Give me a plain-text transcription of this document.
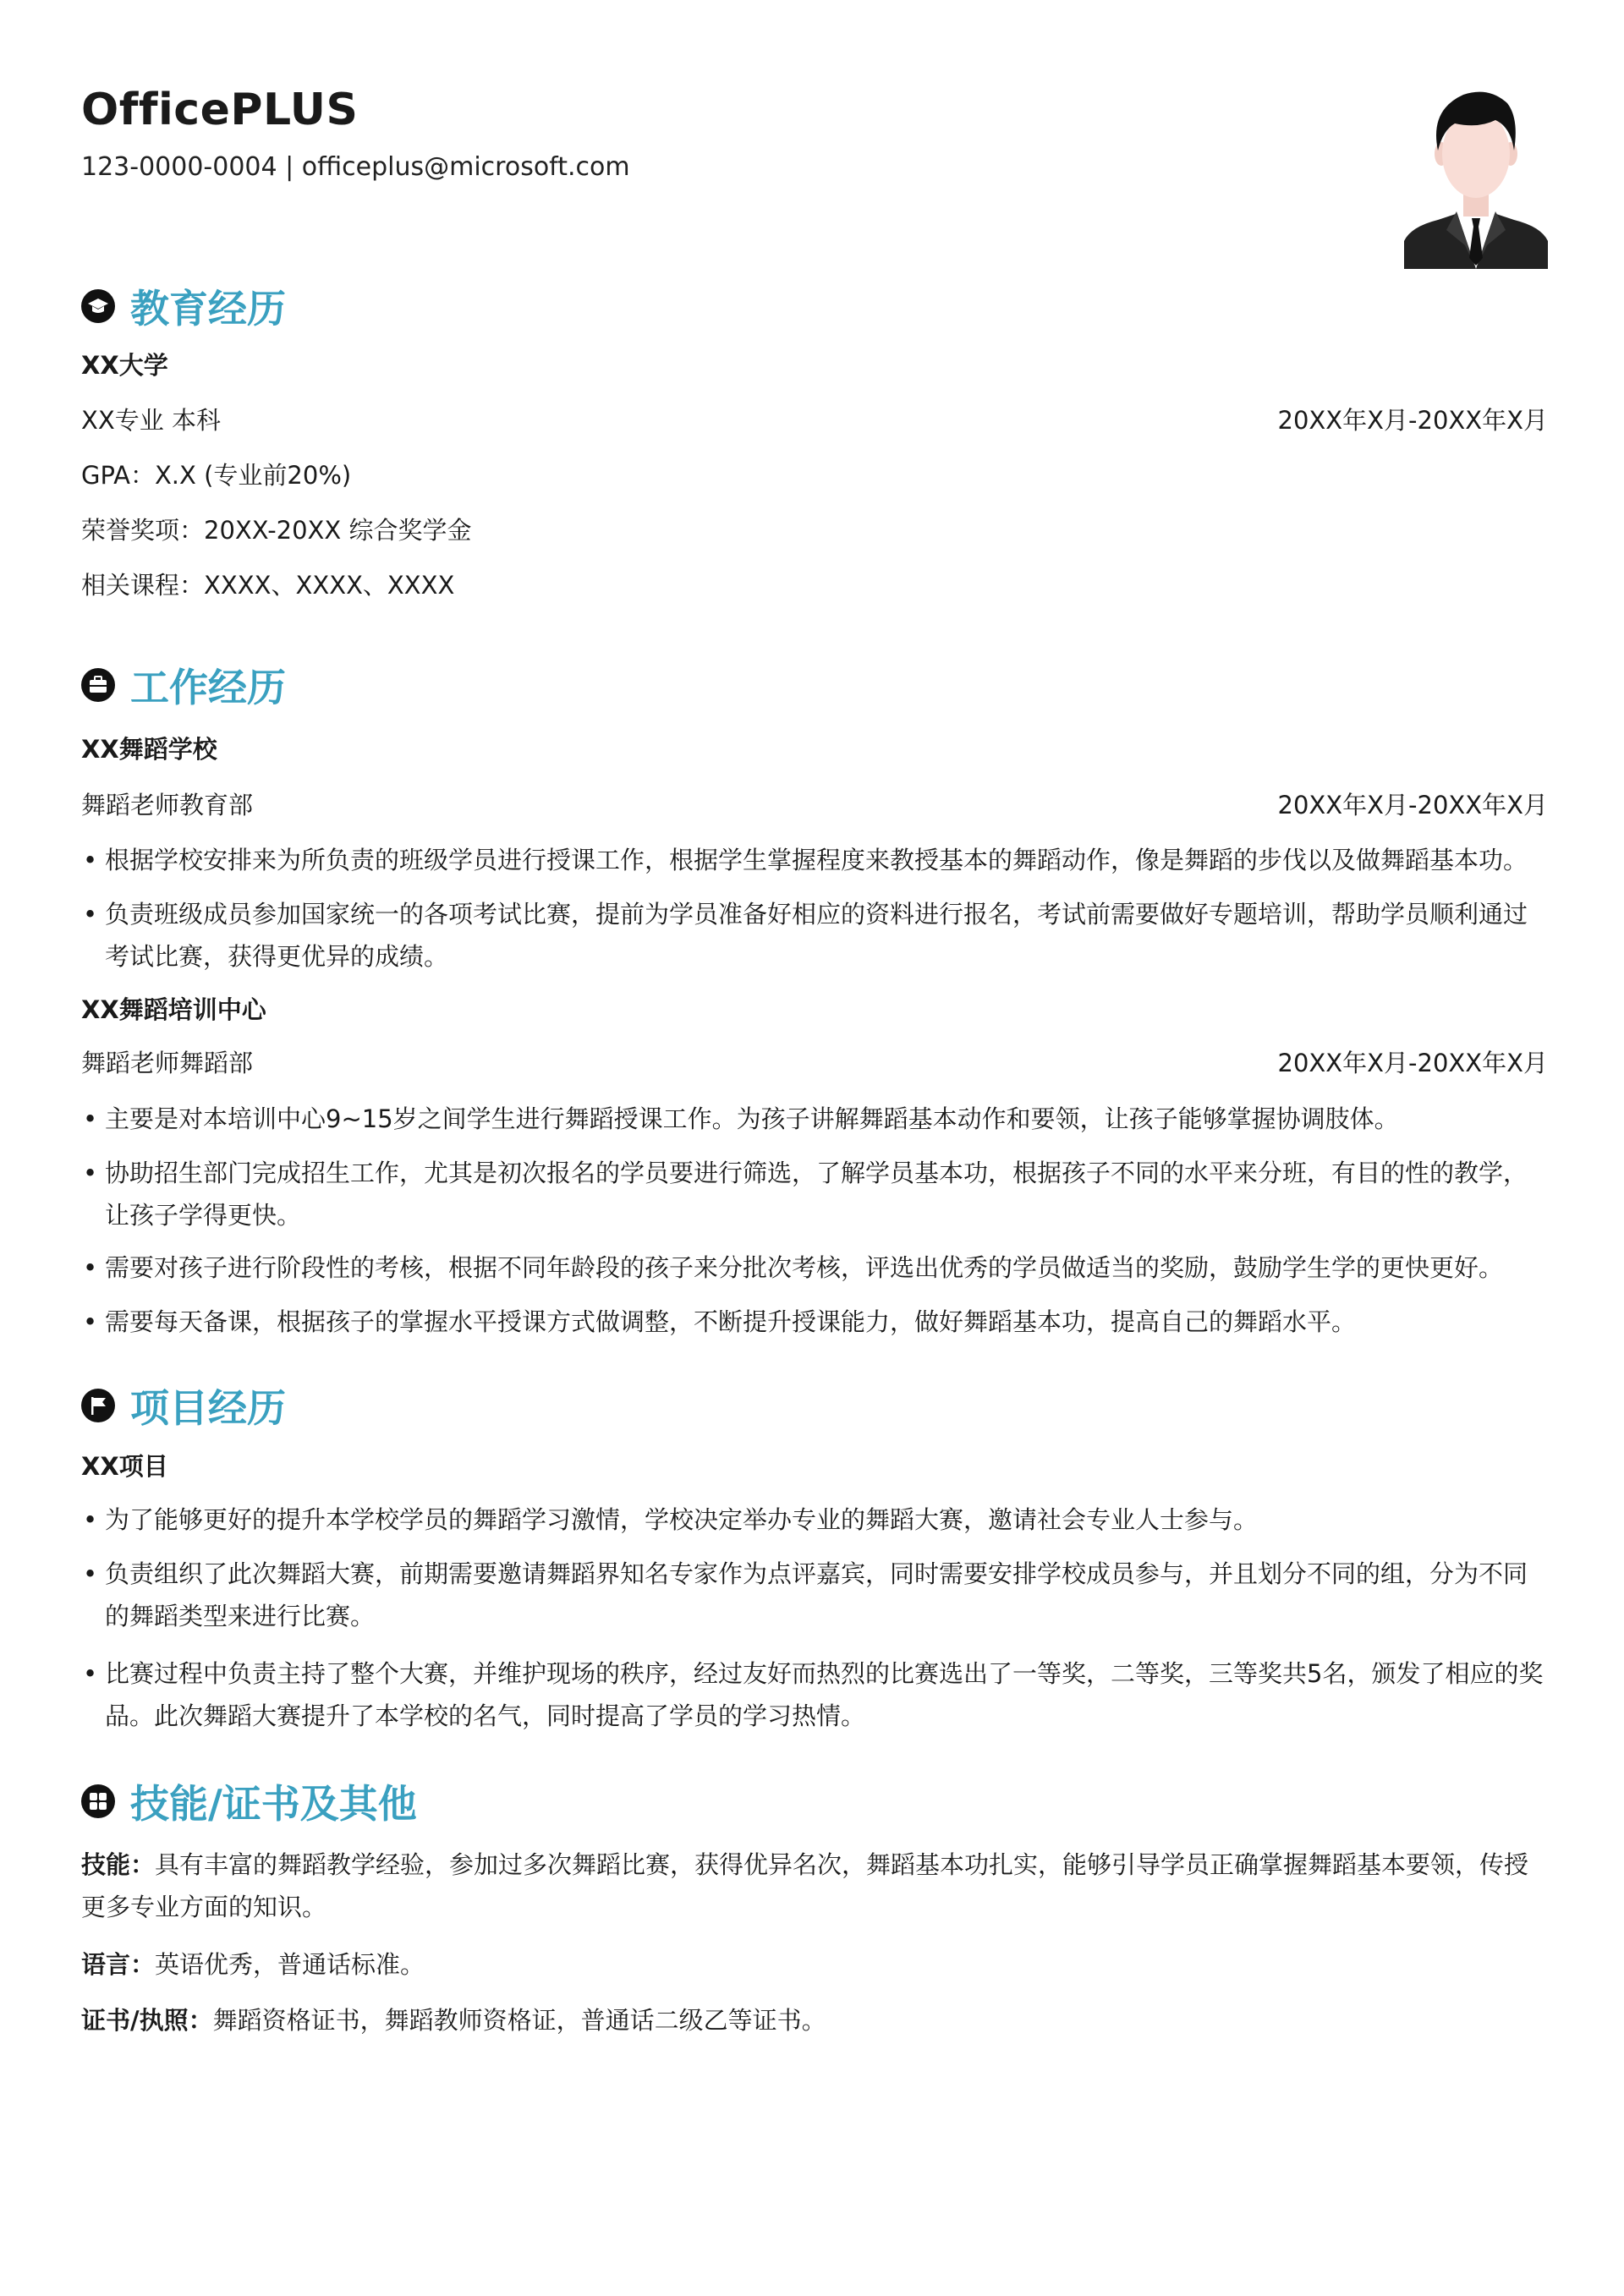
OfficePLUS
123-0000-0004 | officeplus@microsoft.com
教育经历
XX大学
XX专业 本科	20XX年X月-20XX年X月
GPA：X.X (专业前20%)
荣誉奖项：20XX-20XX 综合奖学金
相关课程：XXXX、XXXX、XXXX
工作经历
XX舞蹈学校
舞蹈老师教育部	20XX年X月-20XX年X月
• 根据学校安排来为所负责的班级学员进行授课工作，根据学生掌握程度来教授基本的舞蹈动作，像是舞蹈的步伐以及做舞蹈基本功。
• 负责班级成员参加国家统一的各项考试比赛，提前为学员准备好相应的资料进行报名，考试前需要做好专题培训，帮助学员顺利通过考试比赛，获得更优异的成绩。
XX舞蹈培训中心
舞蹈老师舞蹈部	20XX年X月-20XX年X月
• 主要是对本培训中心9~15岁之间学生进行舞蹈授课工作。为孩子讲解舞蹈基本动作和要领，让孩子能够掌握协调肢体。
• 协助招生部门完成招生工作，尤其是初次报名的学员要进行筛选，了解学员基本功，根据孩子不同的水平来分班，有目的性的教学，让孩子学得更快。
• 需要对孩子进行阶段性的考核，根据不同年龄段的孩子来分批次考核，评选出优秀的学员做适当的奖励，鼓励学生学的更快更好。
• 需要每天备课，根据孩子的掌握水平授课方式做调整，不断提升授课能力，做好舞蹈基本功，提高自己的舞蹈水平。
项目经历
XX项目
• 为了能够更好的提升本学校学员的舞蹈学习激情，学校决定举办专业的舞蹈大赛，邀请社会专业人士参与。
• 负责组织了此次舞蹈大赛，前期需要邀请舞蹈界知名专家作为点评嘉宾，同时需要安排学校成员参与，并且划分不同的组，分为不同的舞蹈类型来进行比赛。
• 比赛过程中负责主持了整个大赛，并维护现场的秩序，经过友好而热烈的比赛选出了一等奖，二等奖，三等奖共5名，颁发了相应的奖品。此次舞蹈大赛提升了本学校的名气，同时提高了学员的学习热情。
技能/证书及其他
技能：具有丰富的舞蹈教学经验，参加过多次舞蹈比赛，获得优异名次，舞蹈基本功扎实，能够引导学员正确掌握舞蹈基本要领，传授更多专业方面的知识。
语言：英语优秀，普通话标准。
证书/执照：舞蹈资格证书，舞蹈教师资格证，普通话二级乙等证书。
